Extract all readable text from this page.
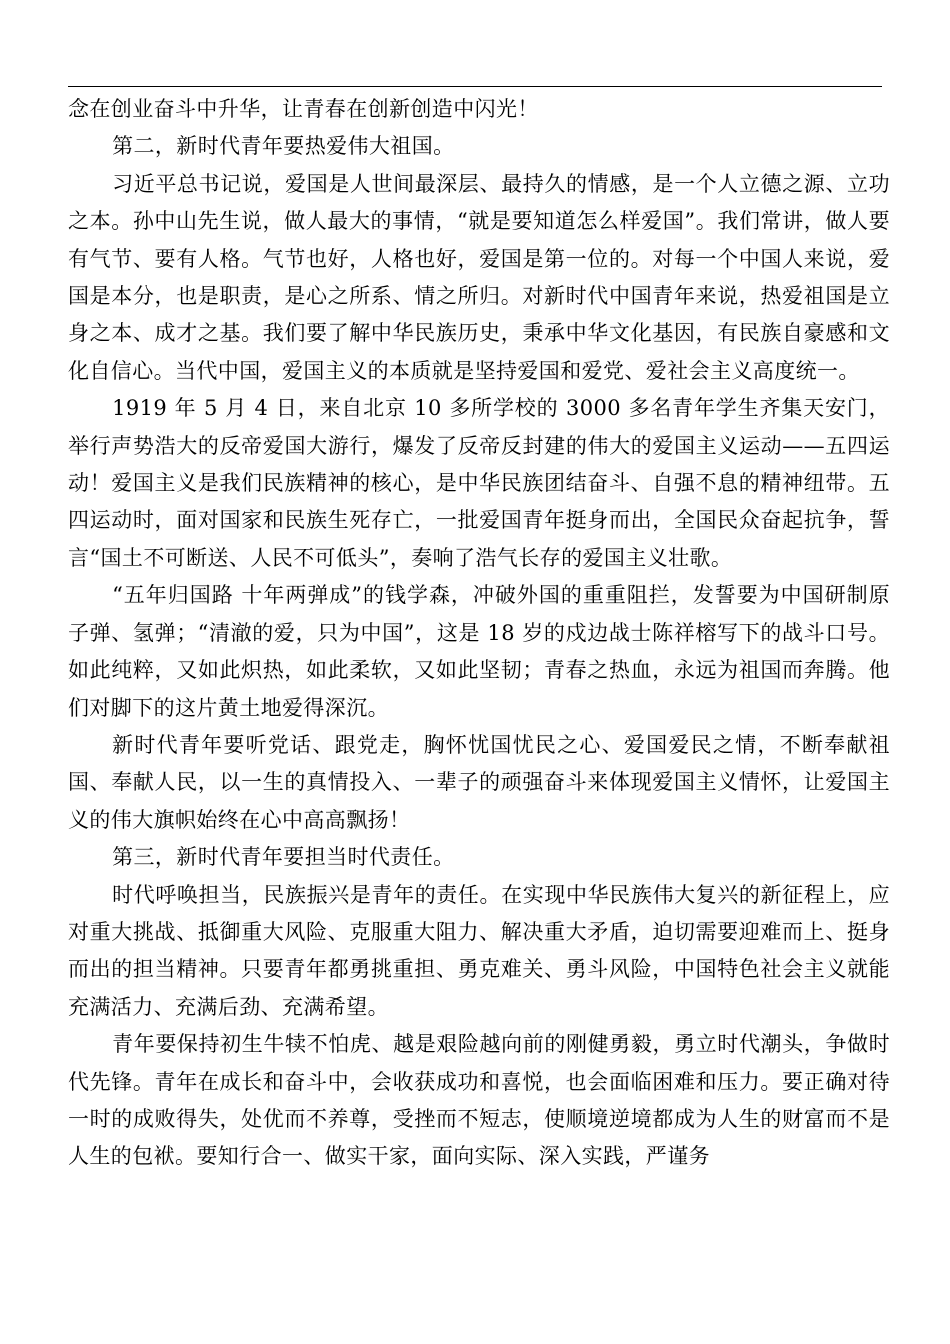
念在创业奋斗中升华，让青春在创新创造中闪光！

第二，新时代青年要热爱伟大祖国。

习近平总书记说，爱国是人世间最深层、最持久的情感，是一个人立德之源、立功之本。孙中山先生说，做人最大的事情，“就是要知道怎么样爱国”。我们常讲，做人要有气节、要有人格。气节也好，人格也好，爱国是第一位的。对每一个中国人来说，爱国是本分，也是职责，是心之所系、情之所归。对新时代中国青年来说，热爱祖国是立身之本、成才之基。我们要了解中华民族历史，秉承中华文化基因，有民族自豪感和文化自信心。当代中国，爱国主义的本质就是坚持爱国和爱党、爱社会主义高度统一。

1919 年 5 月 4 日，来自北京 10 多所学校的 3000 多名青年学生齐集天安门，举行声势浩大的反帝爱国大游行，爆发了反帝反封建的伟大的爱国主义运动——五四运动！爱国主义是我们民族精神的核心，是中华民族团结奋斗、自强不息的精神纽带。五四运动时，面对国家和民族生死存亡，一批爱国青年挺身而出，全国民众奋起抗争，誓言“国土不可断送、人民不可低头”，奏响了浩气长存的爱国主义壮歌。

“五年归国路 十年两弹成”的钱学森，冲破外国的重重阻拦，发誓要为中国研制原子弹、氢弹；“清澈的爱，只为中国”，这是 18 岁的戍边战士陈祥榕写下的战斗口号。如此纯粹，又如此炽热，如此柔软，又如此坚韧；青春之热血，永远为祖国而奔腾。他们对脚下的这片黄土地爱得深沉。

新时代青年要听党话、跟党走，胸怀忧国忧民之心、爱国爱民之情，不断奉献祖国、奉献人民，以一生的真情投入、一辈子的顽强奋斗来体现爱国主义情怀，让爱国主义的伟大旗帜始终在心中高高飘扬！

第三，新时代青年要担当时代责任。

时代呼唤担当，民族振兴是青年的责任。在实现中华民族伟大复兴的新征程上，应对重大挑战、抵御重大风险、克服重大阻力、解决重大矛盾，迫切需要迎难而上、挺身而出的担当精神。只要青年都勇挑重担、勇克难关、勇斗风险，中国特色社会主义就能充满活力、充满后劲、充满希望。

青年要保持初生牛犊不怕虎、越是艰险越向前的刚健勇毅，勇立时代潮头，争做时代先锋。青年在成长和奋斗中，会收获成功和喜悦，也会面临困难和压力。要正确对待一时的成败得失，处优而不养尊，受挫而不短志，使顺境逆境都成为人生的财富而不是人生的包袱。要知行合一、做实干家，面向实际、深入实践，严谨务
